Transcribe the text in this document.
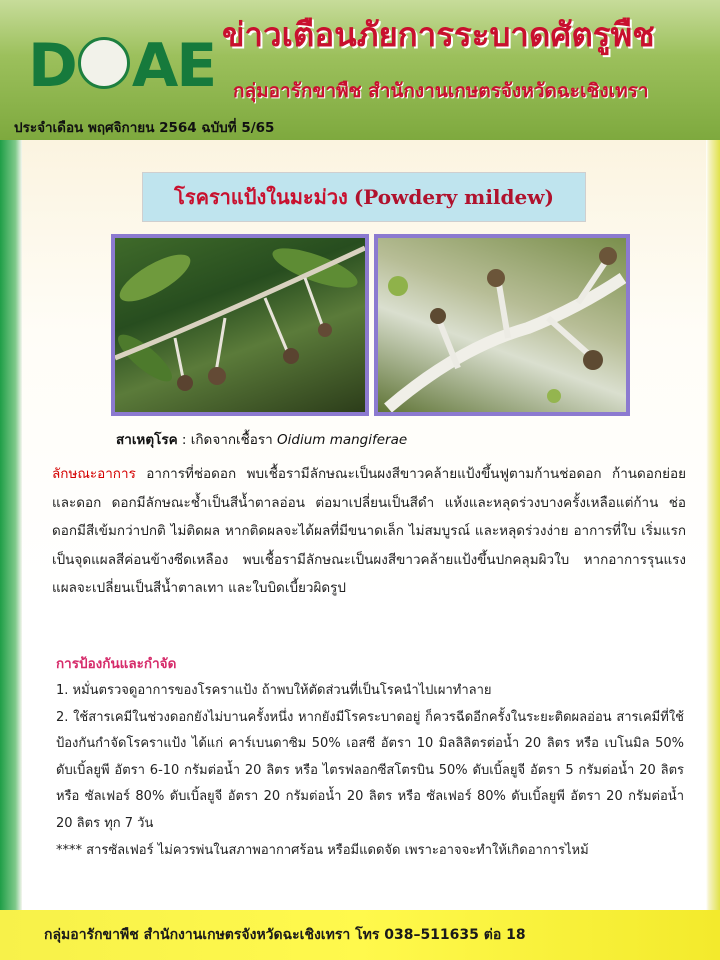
D AE ข่าวเตือนภัยการระบาดศัตรูพืช
กลุ่มอารักขาพืช สำนักงานเกษตรจังหวัดฉะเชิงเทรา
ประจำเดือน พฤศจิกายน 2564 ฉบับที่ 5/65
โรคราแป้งในมะม่วง (Powdery mildew)
สาเหตุโรค : เกิดจากเชื้อรา Oidium mangiferae
ลักษณะอาการ อาการที่ช่อดอก พบเชื้อรามีลักษณะเป็นผงสีขาวคล้ายแป้งขึ้นฟูตามก้านช่อดอก ก้านดอกย่อย และดอก ดอกมีลักษณะช้ำเป็นสีน้ำตาลอ่อน ต่อมาเปลี่ยนเป็นสีดำ แห้งและหลุดร่วงบางครั้งเหลือแต่ก้าน ช่อดอกมีสีเข้มกว่าปกติ ไม่ติดผล หากติดผลจะได้ผลที่มีขนาดเล็ก ไม่สมบูรณ์ และหลุดร่วงง่าย อาการที่ใบ เริ่มแรกเป็นจุดแผลสีค่อนข้างซีดเหลือง พบเชื้อรามีลักษณะเป็นผงสีขาวคล้ายแป้งขึ้นปกคลุมผิวใบ หากอาการรุนแรงแผลจะเปลี่ยนเป็นสีน้ำตาลเทา และใบบิดเบี้ยวผิดรูป
การป้องกันและกำจัด

1. หมั่นตรวจดูอาการของโรคราแป้ง ถ้าพบให้ตัดส่วนที่เป็นโรคนำไปเผาทำลาย

2. ใช้สารเคมีในช่วงดอกยังไม่บานครั้งหนึ่ง หากยังมีโรคระบาดอยู่ ก็ควรฉีดอีกครั้งในระยะติดผลอ่อน สารเคมีที่ใช้ป้องกันกำจัดโรคราแป้ง ได้แก่ คาร์เบนดาซิม 50% เอสซี อัตรา 10 มิลลิลิตรต่อน้ำ 20 ลิตร หรือ เบโนมิล 50% ดับเบิ้ลยูพี อัตรา 6-10 กรัมต่อน้ำ 20 ลิตร หรือ ไตรฟลอกซีสโตรบิน 50% ดับเบิ้ลยูจี อัตรา 5 กรัมต่อน้ำ 20 ลิตร หรือ ซัลเฟอร์ 80% ดับเบิ้ลยูจี อัตรา 20 กรัมต่อน้ำ 20 ลิตร หรือ ซัลเฟอร์ 80% ดับเบิ้ลยูพี อัตรา 20 กรัมต่อน้ำ 20 ลิตร ทุก 7 วัน

**** สารซัลเฟอร์ ไม่ควรพ่นในสภาพอากาศร้อน หรือมีแดดจัด เพราะอาจจะทำให้เกิดอาการไหม้

กลุ่มอารักขาพืช สำนักงานเกษตรจังหวัดฉะเชิงเทรา โทร 038–511635 ต่อ 18
